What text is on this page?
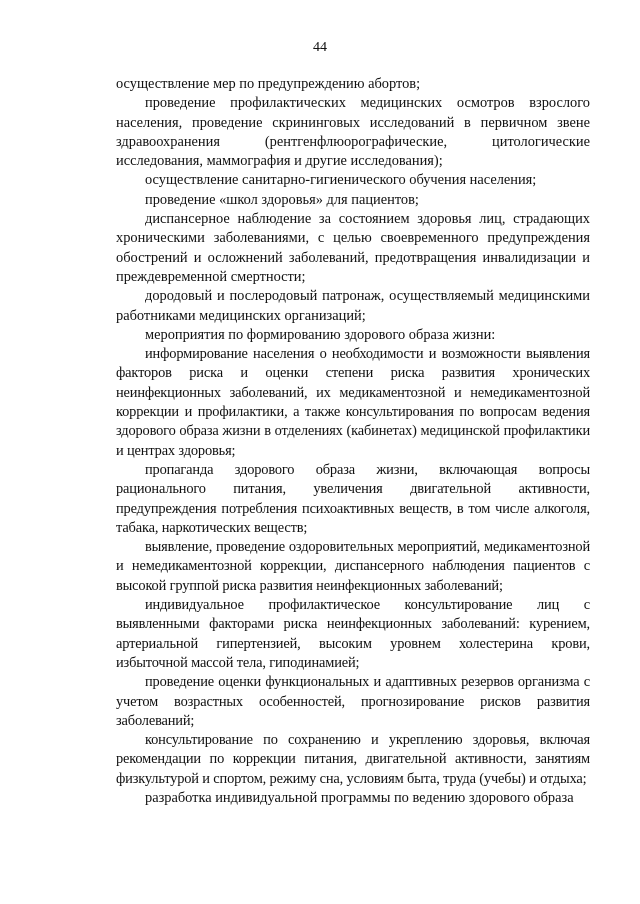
44

осуществление мер по предупреждению абортов;

проведение профилактических медицинских осмотров взрослого населения, проведение скрининговых исследований в первичном звене здравоохранения (рентгенфлюорографические, цитологические исследования, маммография и другие исследования);

осуществление санитарно-гигиенического обучения населения;

проведение «школ здоровья» для пациентов;

диспансерное наблюдение за состоянием здоровья лиц, страдающих хроническими заболеваниями, с целью своевременного предупреждения обострений и осложнений заболеваний, предотвращения инвалидизации и преждевременной смертности;

дородовый и послеродовый патронаж, осуществляемый медицинскими работниками медицинских организаций;

мероприятия по формированию здорового образа жизни:

информирование населения о необходимости и возможности выявления факторов риска и оценки степени риска развития хронических неинфекционных заболеваний, их медикаментозной и немедикаментозной коррекции и профилактики, а также консультирования по вопросам ведения здорового образа жизни в отделениях (кабинетах) медицинской профилактики и центрах здоровья;

пропаганда здорового образа жизни, включающая вопросы рационального питания, увеличения двигательной активности, предупреждения потребления психоактивных веществ, в том числе алкоголя, табака, наркотических веществ;

выявление, проведение оздоровительных мероприятий, медикаментозной и немедикаментозной коррекции, диспансерного наблюдения пациентов с высокой группой риска развития неинфекционных заболеваний;

индивидуальное профилактическое консультирование лиц с выявленными факторами риска неинфекционных заболеваний: курением, артериальной гипертензией, высоким уровнем холестерина крови, избыточной массой тела, гиподинамией;

проведение оценки функциональных и адаптивных резервов организма с учетом возрастных особенностей, прогнозирование рисков развития заболеваний;

консультирование по сохранению и укреплению здоровья, включая рекомендации по коррекции питания, двигательной активности, занятиям физкультурой и спортом, режиму сна, условиям быта, труда (учебы) и отдыха;

разработка индивидуальной программы по ведению здорового образа
